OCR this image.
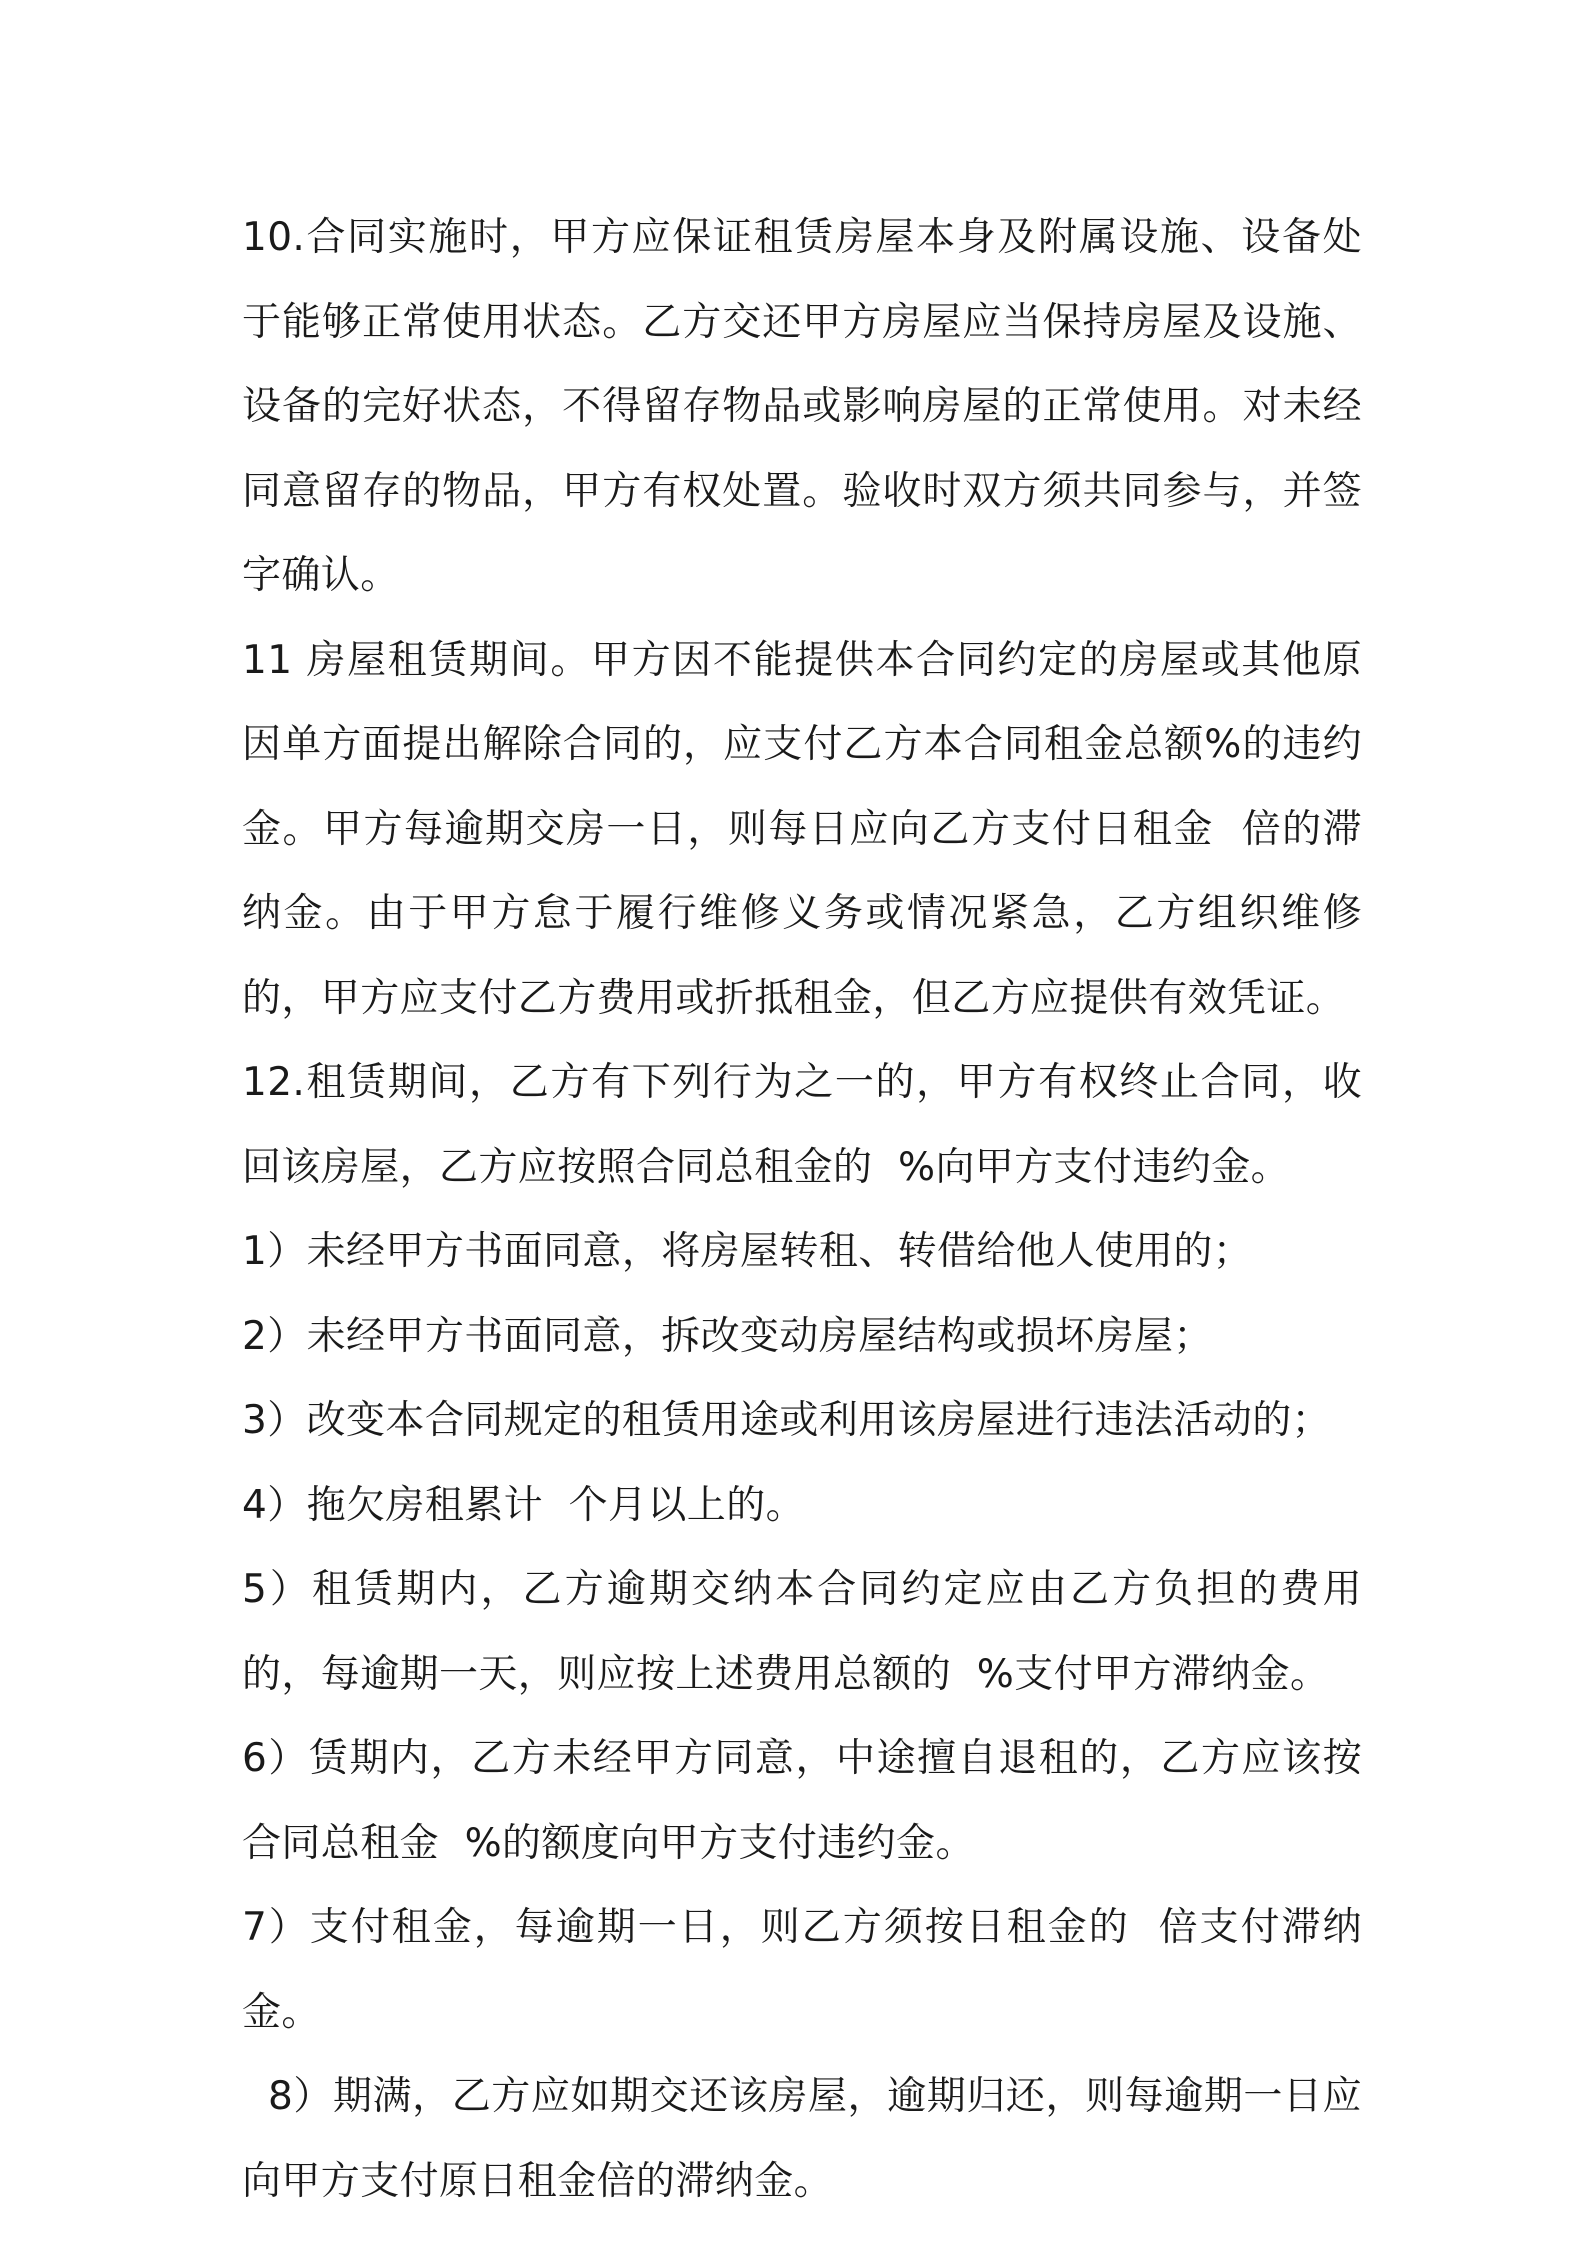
10.合同实施时，甲方应保证租赁房屋本身及附属设施、设备处于能够正常使用状态。乙方交还甲方房屋应当保持房屋及设施、设备的完好状态，不得留存物品或影响房屋的正常使用。对未经同意留存的物品，甲方有权处置。验收时双方须共同参与，并签字确认。

11 房屋租赁期间。甲方因不能提供本合同约定的房屋或其他原因单方面提出解除合同的，应支付乙方本合同租金总额%的违约金。甲方每逾期交房一日，则每日应向乙方支付日租金  倍的滞纳金。由于甲方怠于履行维修义务或情况紧急，乙方组织维修的，甲方应支付乙方费用或折抵租金，但乙方应提供有效凭证。

12.租赁期间，乙方有下列行为之一的，甲方有权终止合同，收回该房屋，乙方应按照合同总租金的  %向甲方支付违约金。

1）未经甲方书面同意，将房屋转租、转借给他人使用的；

2）未经甲方书面同意，拆改变动房屋结构或损坏房屋；

3）改变本合同规定的租赁用途或利用该房屋进行违法活动的；

4）拖欠房租累计  个月以上的。

5）租赁期内，乙方逾期交纳本合同约定应由乙方负担的费用的，每逾期一天，则应按上述费用总额的  %支付甲方滞纳金。

6）赁期内，乙方未经甲方同意，中途擅自退租的，乙方应该按合同总租金  %的额度向甲方支付违约金。

7）支付租金，每逾期一日，则乙方须按日租金的  倍支付滞纳金。

8）期满，乙方应如期交还该房屋，逾期归还，则每逾期一日应向甲方支付原日租金倍的滞纳金。
